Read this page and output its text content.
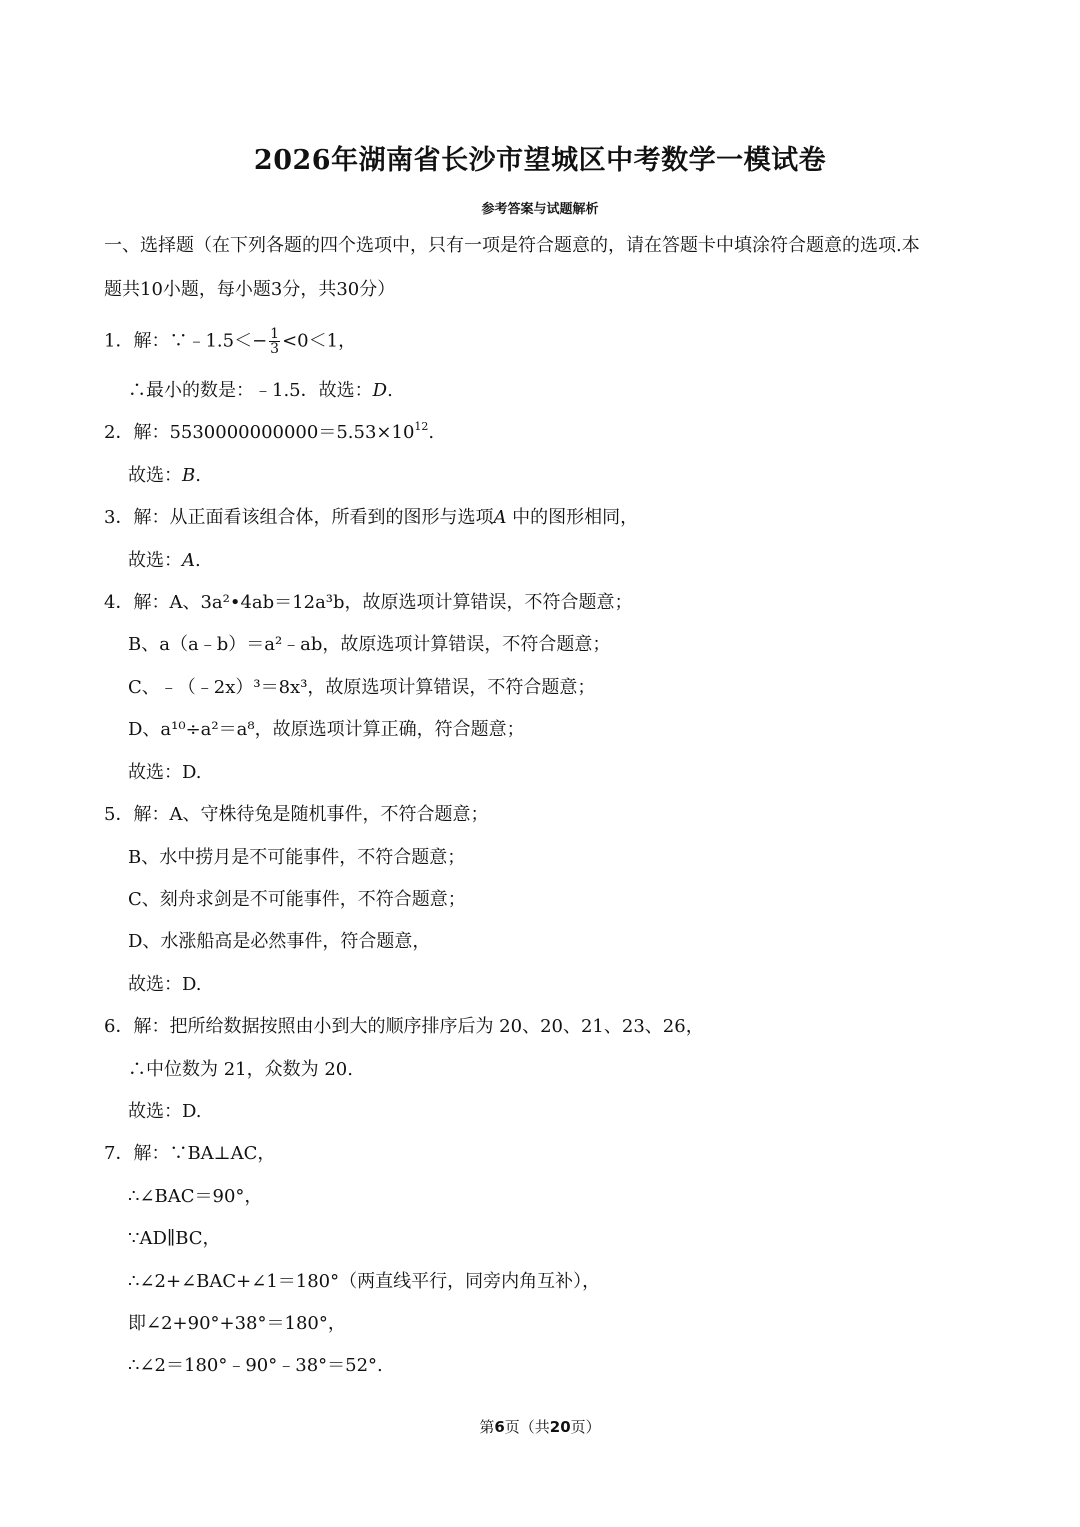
2026年湖南省长沙市望城区中考数学一模试卷
参考答案与试题解析
一、选择题（在下列各题的四个选项中，只有一项是符合题意的，请在答题卡中填涂符合题意的选项.本
题共10小题，每小题3分，共30分）
1．解：∵﹣1.5＜− $\frac{1}{3} <0<1$，
∴最小的数是：﹣1.5．故选：D.
2．解：$5530000000000=5.53\times 10^{12}$.
故选：B.
3．解：从正面看该组合体，所看到的图形与选项A 中的图形相同，
故选：A.
4．解：A、3a²•4ab＝12a³b，故原选项计算错误，不符合题意；
B、a（a﹣b）＝a²﹣ab，故原选项计算错误，不符合题意；
C、﹣（﹣2x）³＝8x³，故原选项计算错误，不符合题意；
D、a¹⁰÷a²＝a⁸，故原选项计算正确，符合题意；
故选：D.
5．解：A、守株待兔是随机事件，不符合题意；
B、水中捞月是不可能事件，不符合题意；
C、刻舟求剑是不可能事件，不符合题意；
D、水涨船高是必然事件，符合题意，
故选：D.
6．解：把所给数据按照由小到大的顺序排序后为 20、20、21、23、26，
∴中位数为 21，众数为 20.
故选：D.
7．解：∵BA⊥AC，
∴∠BAC＝90°，
∵AD∥BC，
∴∠2+∠BAC+∠1＝180°（两直线平行，同旁内角互补），
即∠2+90°+38°＝180°，
∴∠2＝180°﹣90°﹣38°＝52°.
第6页（共20页）
